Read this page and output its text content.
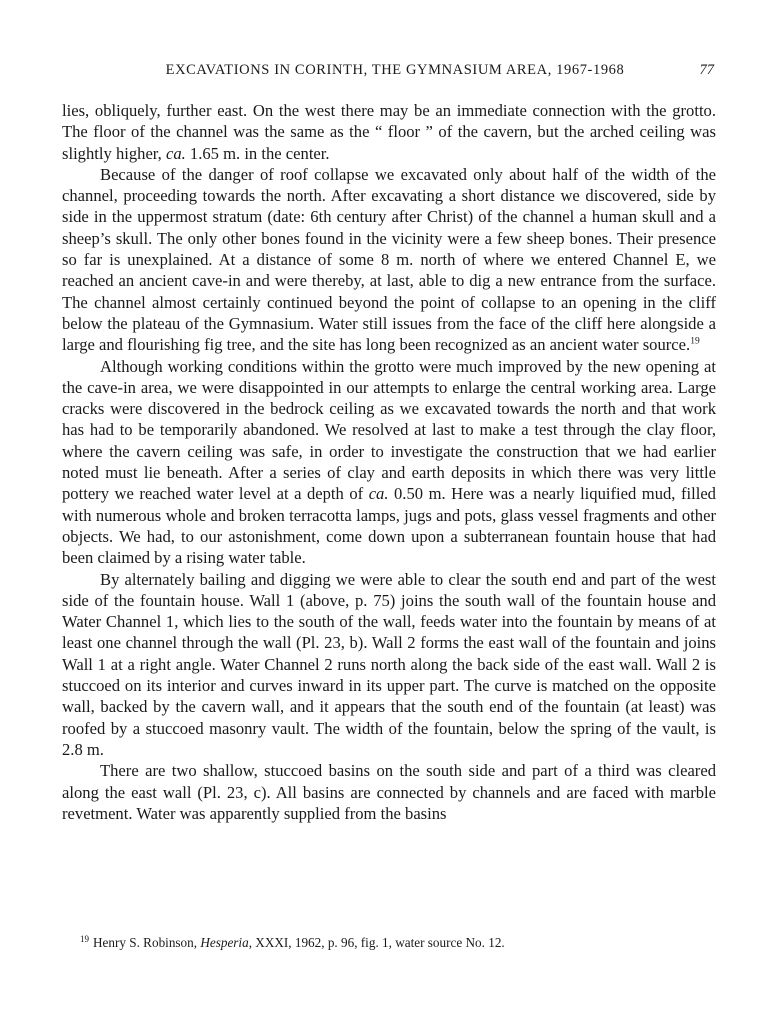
EXCAVATIONS IN CORINTH, THE GYMNASIUM AREA, 1967-1968	77

lies, obliquely, further east. On the west there may be an immediate connection with the grotto. The floor of the channel was the same as the “ floor ” of the cavern, but the arched ceiling was slightly higher, ca. 1.65 m. in the center.

Because of the danger of roof collapse we excavated only about half of the width of the channel, proceeding towards the north. After excavating a short distance we discovered, side by side in the uppermost stratum (date: 6th century after Christ) of the channel a human skull and a sheep’s skull. The only other bones found in the vicinity were a few sheep bones. Their presence so far is unexplained. At a distance of some 8 m. north of where we entered Channel E, we reached an ancient cave-in and were thereby, at last, able to dig a new entrance from the surface. The channel almost certainly continued beyond the point of collapse to an opening in the cliff below the plateau of the Gymnasium. Water still issues from the face of the cliff here alongside a large and flourishing fig tree, and the site has long been recognized as an ancient water source.$^{19}$

Although working conditions within the grotto were much improved by the new opening at the cave-in area, we were disappointed in our attempts to enlarge the central working area. Large cracks were discovered in the bedrock ceiling as we excavated towards the north and that work has had to be temporarily abandoned. We resolved at last to make a test through the clay floor, where the cavern ceiling was safe, in order to investigate the construction that we had earlier noted must lie beneath. After a series of clay and earth deposits in which there was very little pottery we reached water level at a depth of ca. 0.50 m. Here was a nearly liquified mud, filled with numerous whole and broken terracotta lamps, jugs and pots, glass vessel fragments and other objects. We had, to our astonishment, come down upon a subterranean fountain house that had been claimed by a rising water table.

By alternately bailing and digging we were able to clear the south end and part of the west side of the fountain house. Wall 1 (above, p. 75) joins the south wall of the fountain house and Water Channel 1, which lies to the south of the wall, feeds water into the fountain by means of at least one channel through the wall (Pl. 23, b). Wall 2 forms the east wall of the fountain and joins Wall 1 at a right angle. Water Channel 2 runs north along the back side of the east wall. Wall 2 is stuccoed on its interior and curves inward in its upper part. The curve is matched on the opposite wall, backed by the cavern wall, and it appears that the south end of the fountain (at least) was roofed by a stuccoed masonry vault. The width of the fountain, below the spring of the vault, is 2.8 m.

There are two shallow, stuccoed basins on the south side and part of a third was cleared along the east wall (Pl. 23, c). All basins are connected by channels and are faced with marble revetment. Water was apparently supplied from the basins

$^{19}$ Henry S. Robinson, Hesperia, XXXI, 1962, p. 96, fig. 1, water source No. 12.
